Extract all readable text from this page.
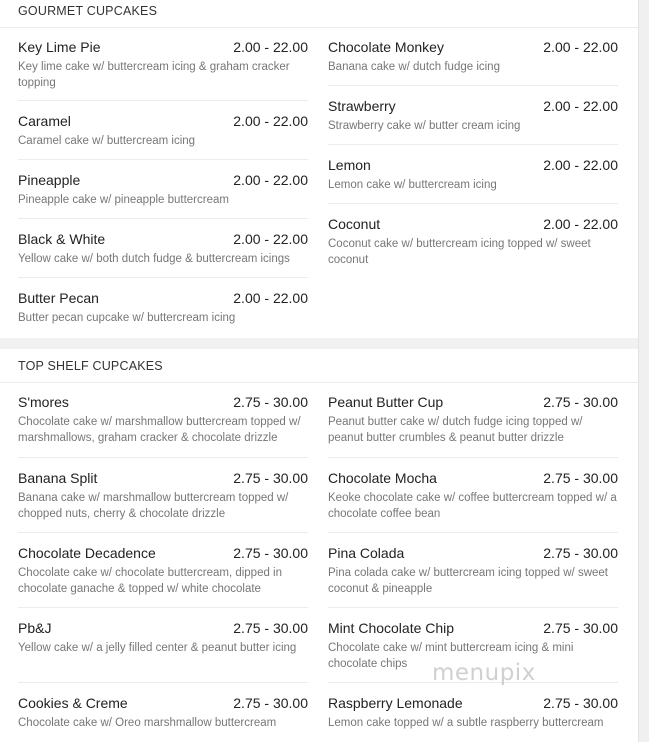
GOURMET CUPCAKES
Key Lime Pie	2.00 - 22.00
Key lime cake w/ buttercream icing & graham cracker topping
Caramel	2.00 - 22.00
Caramel cake w/ buttercream icing
Pineapple	2.00 - 22.00
Pineapple cake w/ pineapple buttercream
Black & White	2.00 - 22.00
Yellow cake w/ both dutch fudge & buttercream icings
Butter Pecan	2.00 - 22.00
Butter pecan cupcake w/ buttercream icing
Chocolate Monkey	2.00 - 22.00
Banana cake w/ dutch fudge icing
Strawberry	2.00 - 22.00
Strawberry cake w/ butter cream icing
Lemon	2.00 - 22.00
Lemon cake w/ buttercream icing
Coconut	2.00 - 22.00
Coconut cake w/ buttercream icing topped w/ sweet coconut
TOP SHELF CUPCAKES
S'mores	2.75 - 30.00
Chocolate cake w/ marshmallow buttercream topped w/ marshmallows, graham cracker & chocolate drizzle
Banana Split	2.75 - 30.00
Banana cake w/ marshmallow buttercream topped w/ chopped nuts, cherry & chocolate drizzle
Chocolate Decadence	2.75 - 30.00
Chocolate cake w/ chocolate buttercream, dipped in chocolate ganache & topped w/ white chocolate
Pb&J	2.75 - 30.00
Yellow cake w/ a jelly filled center & peanut butter icing
Cookies & Creme	2.75 - 30.00
Chocolate cake w/ Oreo marshmallow buttercream
Peanut Butter Cup	2.75 - 30.00
Peanut butter cake w/ dutch fudge icing topped w/ peanut butter crumbles & peanut butter drizzle
Chocolate Mocha	2.75 - 30.00
Keoke chocolate cake w/ coffee buttercream topped w/ a chocolate coffee bean
Pina Colada	2.75 - 30.00
Pina colada cake w/ buttercream icing topped w/ sweet coconut & pineapple
Mint Chocolate Chip	2.75 - 30.00
Chocolate cake w/ mint buttercream icing & mini chocolate chips
Raspberry Lemonade	2.75 - 30.00
Lemon cake topped w/ a subtle raspberry buttercream
menupix
